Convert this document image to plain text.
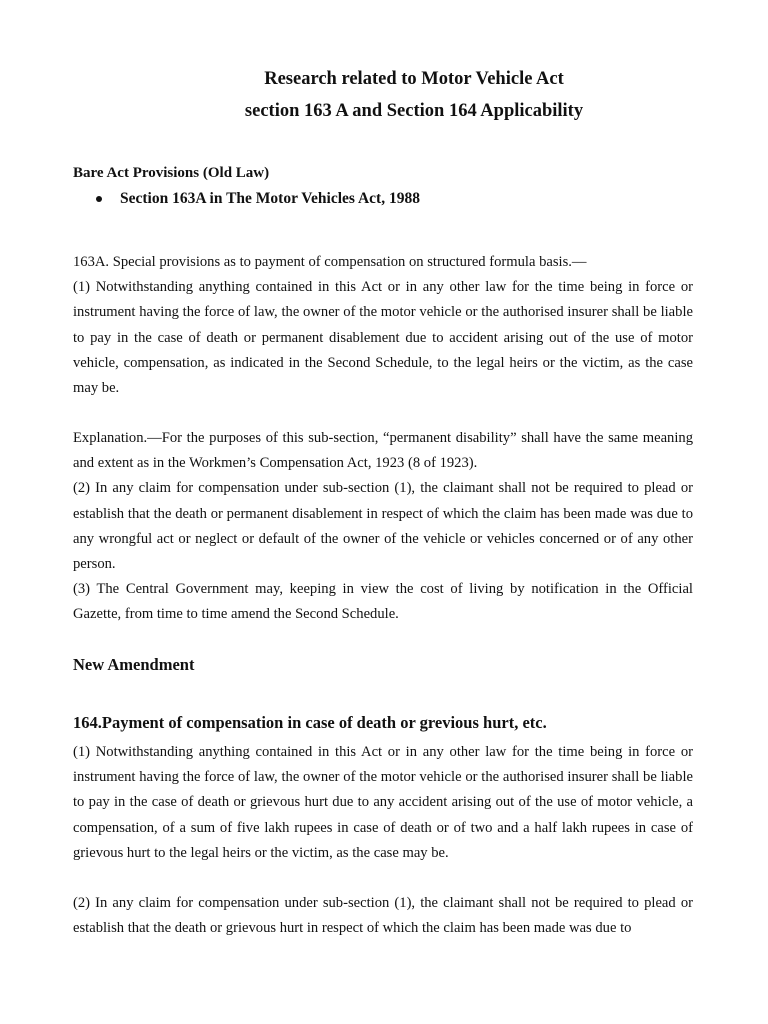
Research related to Motor Vehicle Act
section 163 A and Section 164 Applicability

Bare Act Provisions (Old Law)

Section 163A in The Motor Vehicles Act, 1988

163A. Special provisions as to payment of compensation on structured formula basis.—

(1) Notwithstanding anything contained in this Act or in any other law for the time being in force or instrument having the force of law, the owner of the motor vehicle or the authorised insurer shall be liable to pay in the case of death or permanent disablement due to accident arising out of the use of motor vehicle, compensation, as indicated in the Second Schedule, to the legal heirs or the victim, as the case may be.

Explanation.—For the purposes of this sub-section, “permanent disability” shall have the same meaning and extent as in the Workmen’s Compensation Act, 1923 (8 of 1923).

(2) In any claim for compensation under sub-section (1), the claimant shall not be required to plead or establish that the death or permanent disablement in respect of which the claim has been made was due to any wrongful act or neglect or default of the owner of the vehicle or vehicles concerned or of any other person.

(3) The Central Government may, keeping in view the cost of living by notification in the Official Gazette, from time to time amend the Second Schedule.

New Amendment

164.Payment of compensation in case of death or grevious hurt, etc.

(1) Notwithstanding anything contained in this Act or in any other law for the time being in force or instrument having the force of law, the owner of the motor vehicle or the authorised insurer shall be liable to pay in the case of death or grievous hurt due to any accident arising out of the use of motor vehicle, a compensation, of a sum of five lakh rupees in case of death or of two and a half lakh rupees in case of grievous hurt to the legal heirs or the victim, as the case may be.

(2) In any claim for compensation under sub-section (1), the claimant shall not be required to plead or establish that the death or grievous hurt in respect of which the claim has been made was due to
